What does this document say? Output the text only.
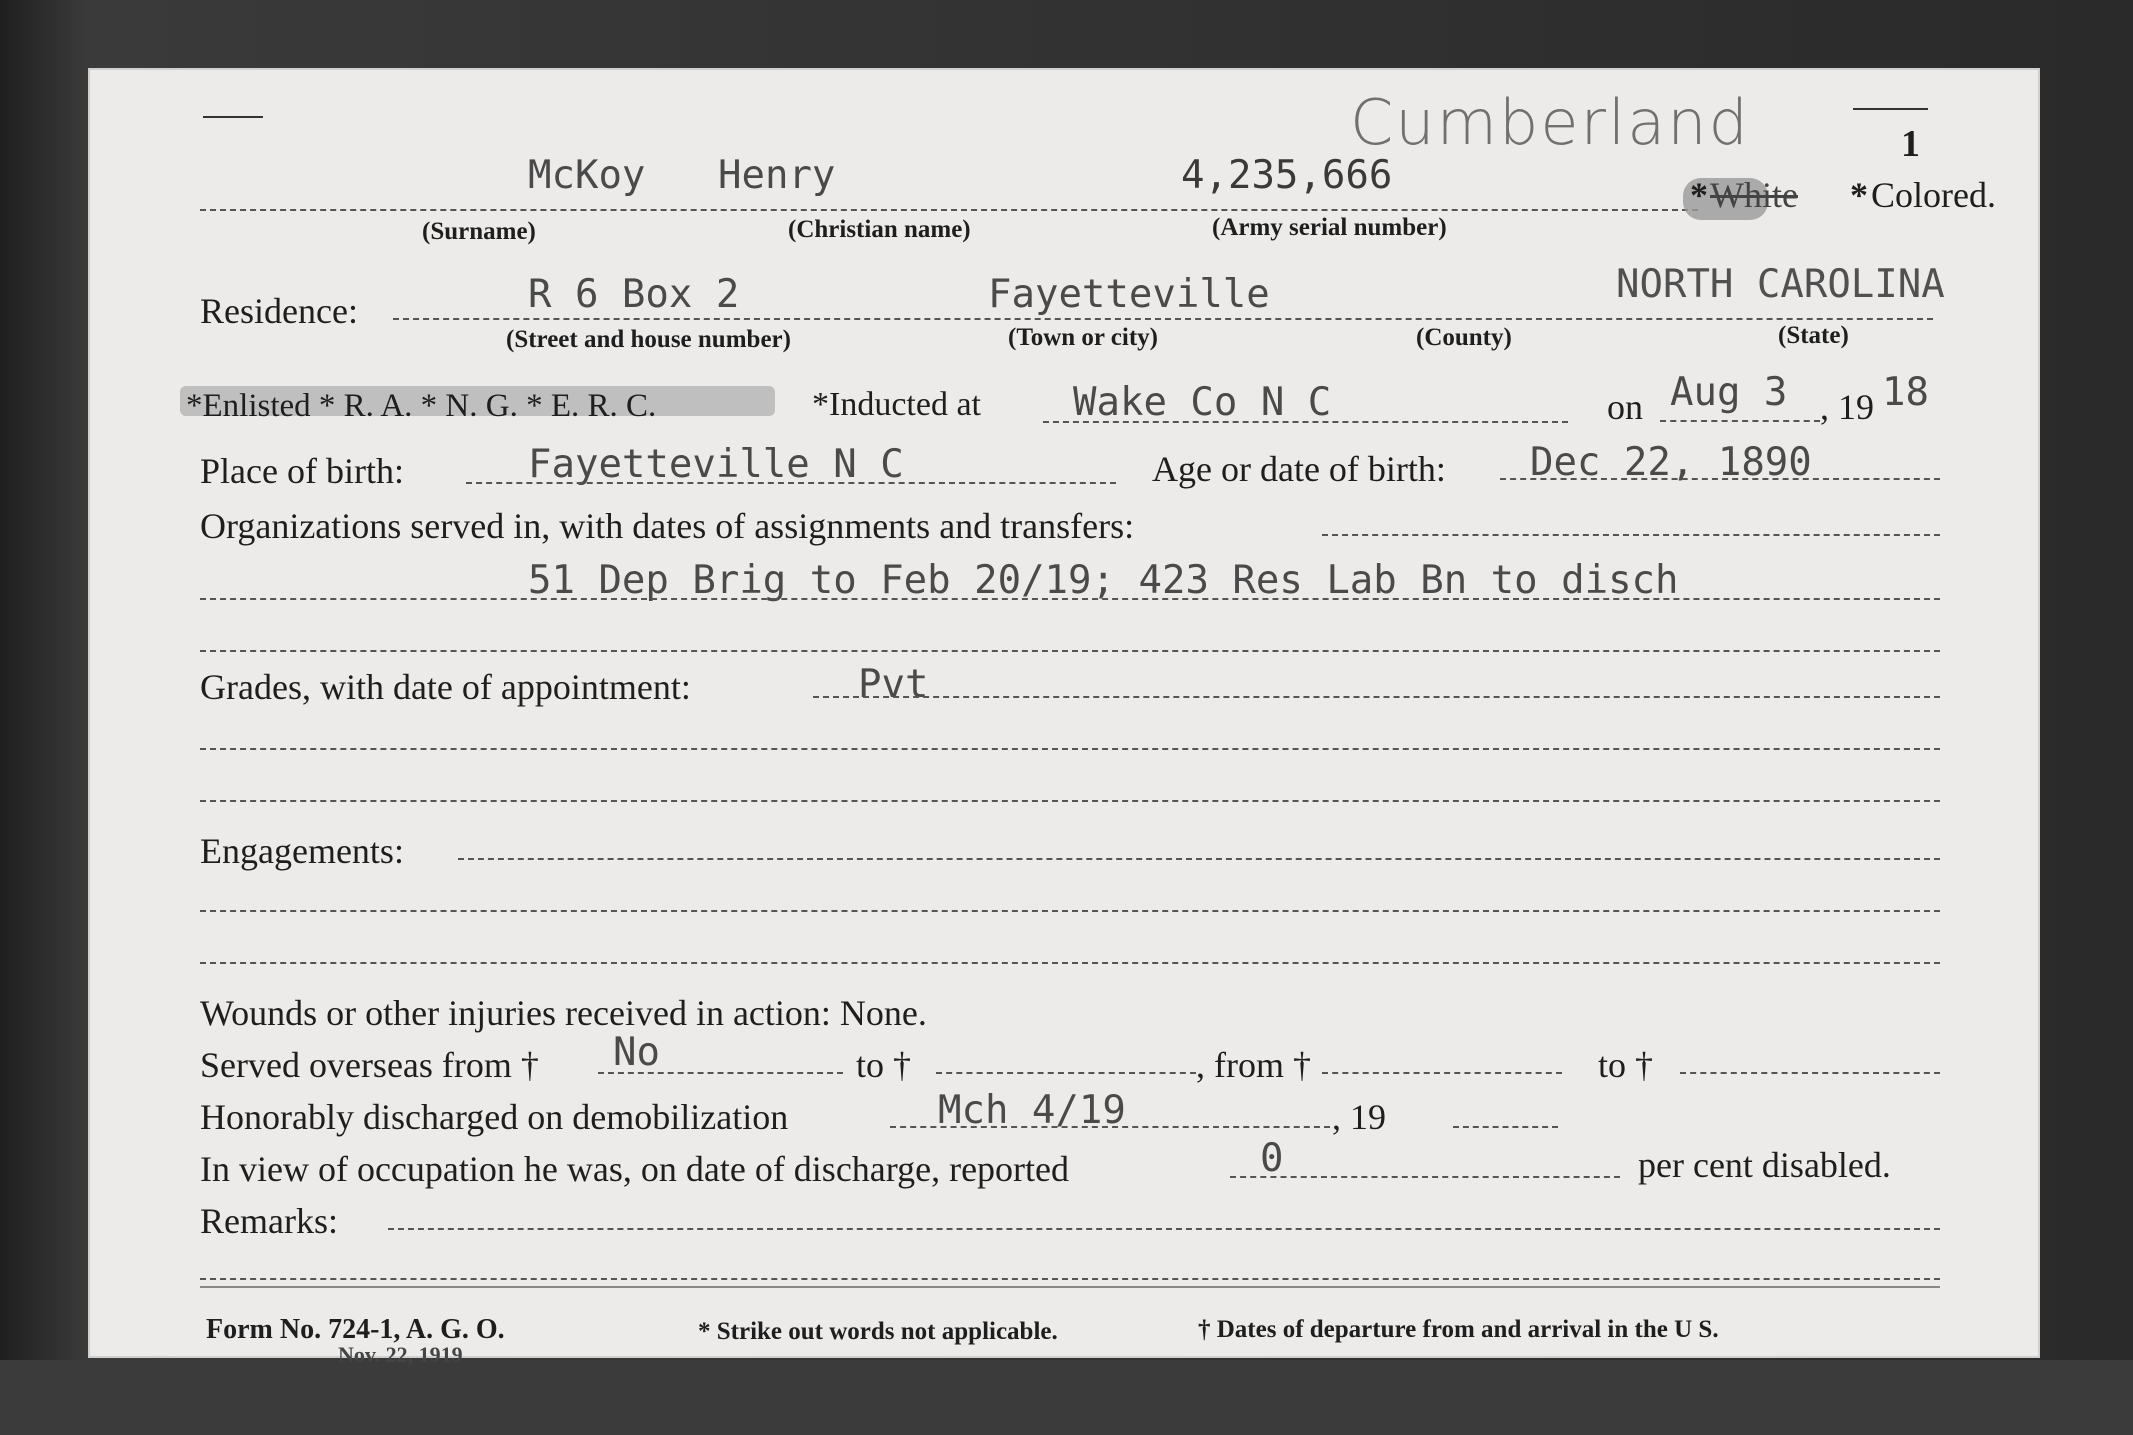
Cumberland	1
McKoy Henry	4,235,666	* White * Colored.
(Surname)	(Christian name)	(Army serial number)
Residence:	R 6 Box 2	Fayetteville	NORTH CAROLINA
(Street and house number)	(Town or city)	(County)	(State)
*Enlisted * R. A. * N. G. * E. R. C.	*Inducted at Wake Co N C	on Aug 3 , 19 18
Place of birth:	Fayetteville N C	Age or date of birth: Dec 22, 1890
Organizations served in, with dates of assignments and transfers:
51 Dep Brig to Feb 20/19; 423 Res Lab Bn to disch
Grades, with date of appointment:	Pvt
Engagements:
Wounds or other injuries received in action: None.
Served overseas from † No	to †	, from †	to †
Honorably discharged on demobilization	Mch 4/19	, 19
In view of occupation he was, on date of discharge, reported	0	per cent disabled.
Remarks:
Form No. 724-1, A. G. O.
Nov. 22, 1919
* Strike out words not applicable.	† Dates of departure from and arrival in the U S.
